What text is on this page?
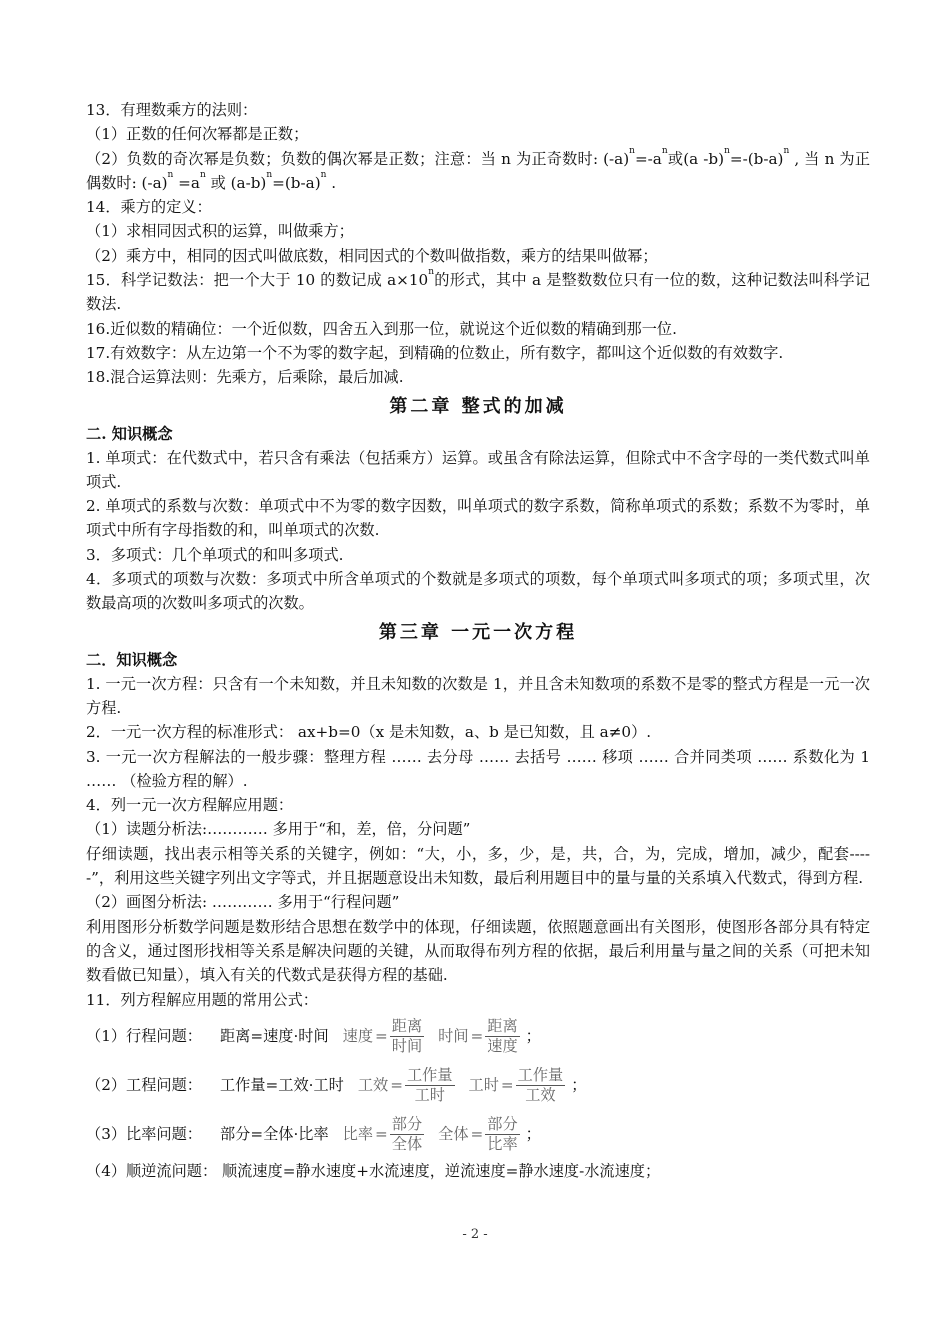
13．有理数乘方的法则：

（1）正数的任何次幂都是正数；

（2）负数的奇次幂是负数；负数的偶次幂是正数；注意：当 n 为正奇数时: $(-a)^n=-a^n$或(a $-b)^n=-(b-a)^n$ , 当 n 为正偶数时: $(-a)^n =a^n$ 或 $(a-b)^n=(b-a)^n$ .

14．乘方的定义：

（1）求相同因式积的运算，叫做乘方；

（2）乘方中，相同的因式叫做底数，相同因式的个数叫做指数，乘方的结果叫做幂；

15．科学记数法：把一个大于 10 的数记成 $a\times 10^n$的形式，其中 a 是整数数位只有一位的数，这种记数法叫科学记数法.

16.近似数的精确位：一个近似数，四舍五入到那一位，就说这个近似数的精确到那一位.

17.有效数字：从左边第一个不为零的数字起，到精确的位数止，所有数字，都叫这个近似数的有效数字.

18.混合运算法则：先乘方，后乘除，最后加减.

第二章 整式的加减

二. 知识概念

1. 单项式：在代数式中，若只含有乘法（包括乘方）运算。或虽含有除法运算，但除式中不含字母的一类代数式叫单项式.

2. 单项式的系数与次数：单项式中不为零的数字因数，叫单项式的数字系数，简称单项式的系数；系数不为零时，单项式中所有字母指数的和，叫单项式的次数.

3．多项式：几个单项式的和叫多项式.

4．多项式的项数与次数：多项式中所含单项式的个数就是多项式的项数，每个单项式叫多项式的项；多项式里，次数最高项的次数叫多项式的次数。

第三章 一元一次方程

二．知识概念

1. 一元一次方程：只含有一个未知数，并且未知数的次数是 1，并且含未知数项的系数不是零的整式方程是一元一次方程.

2．一元一次方程的标准形式： ax+b=0（x 是未知数，a、b 是已知数，且 a≠0）.

3. 一元一次方程解法的一般步骤：整理方程 …… 去分母 …… 去括号 …… 移项 …… 合并同类项 …… 系数化为 1 …… （检验方程的解）.

4．列一元一次方程解应用题：

（1）读题分析法:………… 多用于“和，差，倍，分问题”

仔细读题，找出表示相等关系的关键字，例如：“大，小，多，少，是，共，合，为，完成，增加，减少，配套-----”，利用这些关键字列出文字等式，并且据题意设出未知数，最后利用题目中的量与量的关系填入代数式，得到方程.

（2）画图分析法: ………… 多用于“行程问题”

利用图形分析数学问题是数形结合思想在数学中的体现，仔细读题，依照题意画出有关图形，使图形各部分具有特定的含义，通过图形找相等关系是解决问题的关键，从而取得布列方程的依据，最后利用量与量之间的关系（可把未知数看做已知量），填入有关的代数式是获得方程的基础.

11．列方程解应用题的常用公式：

（1）行程问题： 距离=速度·时间 速度 = $\frac{\text{距离}}{\text{时间}}$ 时间 = $\frac{\text{距离}}{\text{速度}}$ ；
（2）工程问题： 工作量=工效·工时 工效 = $\frac{\text{工作量}}{\text{工时}}$ 工时 = $\frac{\text{工作量}}{\text{工效}}$ ；
（3）比率问题： 部分=全体·比率 比率 = $\frac{\text{部分}}{\text{全体}}$ 全体 = $\frac{\text{部分}}{\text{比率}}$ ；

（4）顺逆流问题： 顺流速度=静水速度+水流速度，逆流速度=静水速度-水流速度；

- 2 -
